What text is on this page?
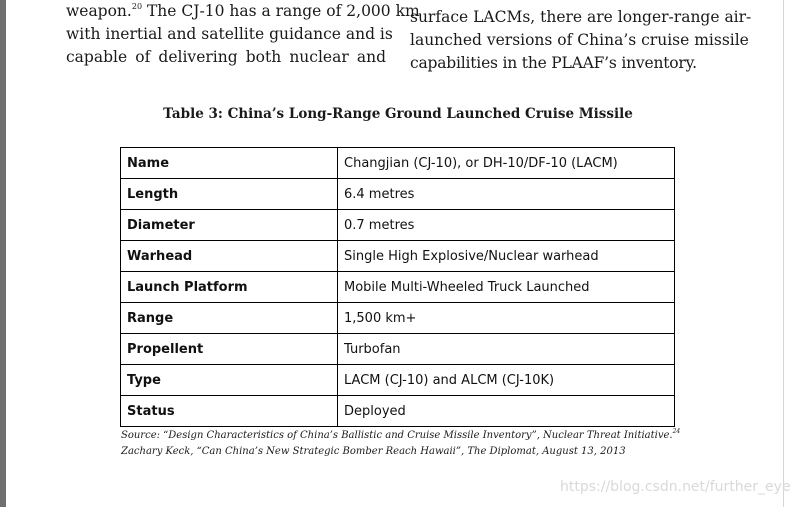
weapon.$^{20}$ The CJ-10 has a range of 2,000 km
with inertial and satellite guidance and is
capable of delivering both nuclear and
surface LACMs, there are longer-range air-
launched versions of China’s cruise missile
capabilities in the PLAAF’s inventory.
Table 3: China’s Long-Range Ground Launched Cruise Missile
Name	Changjian (CJ-10), or DH-10/DF-10 (LACM)
Length	6.4 metres
Diameter	0.7 metres
Warhead	Single High Explosive/Nuclear warhead
Launch Platform	Mobile Multi-Wheeled Truck Launched
Range	1,500 km+
Propellent	Turbofan
Type	LACM (CJ-10) and ALCM (CJ-10K)
Status	Deployed
Source: “Design Characteristics of China’s Ballistic and Cruise Missile Inventory”, Nuclear Threat Initiative.$^{24}$
Zachary Keck, “Can China’s New Strategic Bomber Reach Hawaii”, The Diplomat, August 13, 2013
https://blog.csdn.net/further_eye
